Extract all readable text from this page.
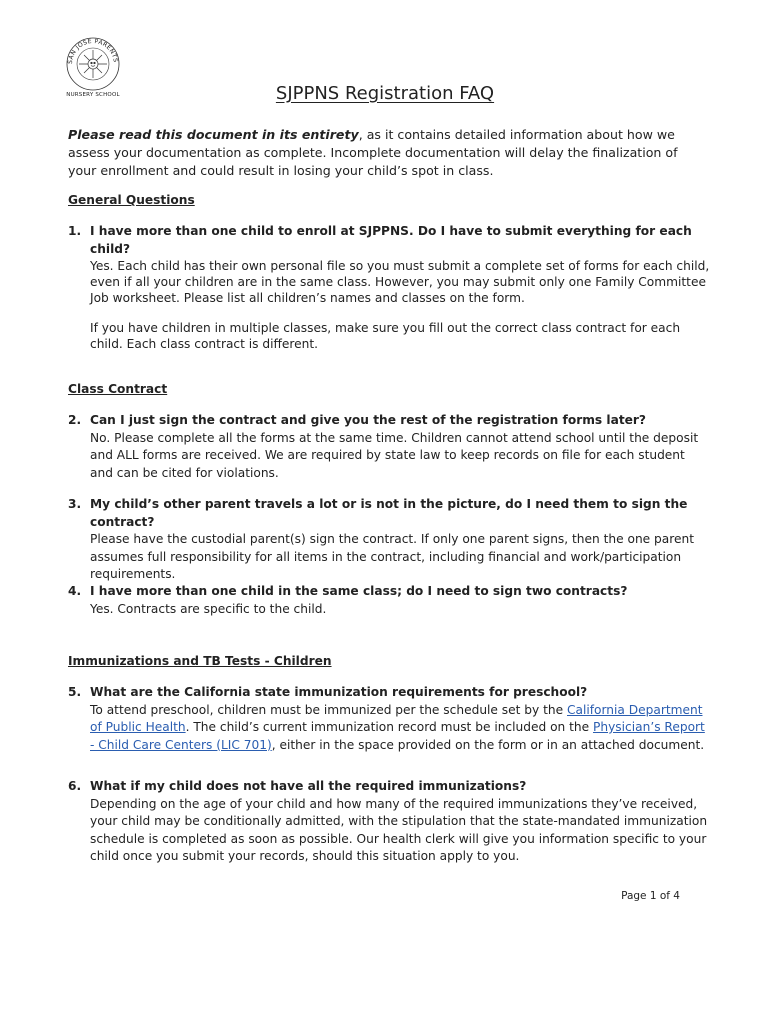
SAN JOSE PARENTS
NURSERY SCHOOL	SJPPNS Registration FAQ
Please read this document in its entirety, as it contains detailed information about how we assess your documentation as complete. Incomplete documentation will delay the finalization of your enrollment and could result in losing your child’s spot in class.
General Questions
1. I have more than one child to enroll at SJPPNS. Do I have to submit everything for each child?
Yes. Each child has their own personal file so you must submit a complete set of forms for each child, even if all your children are in the same class. However, you may submit only one Family Committee Job worksheet. Please list all children’s names and classes on the form.
If you have children in multiple classes, make sure you fill out the correct class contract for each child. Each class contract is different.
Class Contract
2. Can I just sign the contract and give you the rest of the registration forms later?
No. Please complete all the forms at the same time. Children cannot attend school until the deposit and ALL forms are received. We are required by state law to keep records on file for each student and can be cited for violations.
3. My child’s other parent travels a lot or is not in the picture, do I need them to sign the contract?
Please have the custodial parent(s) sign the contract. If only one parent signs, then the one parent assumes full responsibility for all items in the contract, including financial and work/participation requirements.
4. I have more than one child in the same class; do I need to sign two contracts?
Yes. Contracts are specific to the child.
Immunizations and TB Tests - Children
5. What are the California state immunization requirements for preschool?
To attend preschool, children must be immunized per the schedule set by the California Department of Public Health. The child’s current immunization record must be included on the Physician’s Report - Child Care Centers (LIC 701), either in the space provided on the form or in an attached document.
6. What if my child does not have all the required immunizations?
Depending on the age of your child and how many of the required immunizations they’ve received, your child may be conditionally admitted, with the stipulation that the state-mandated immunization schedule is completed as soon as possible. Our health clerk will give you information specific to your child once you submit your records, should this situation apply to you.
Page 1 of 4
